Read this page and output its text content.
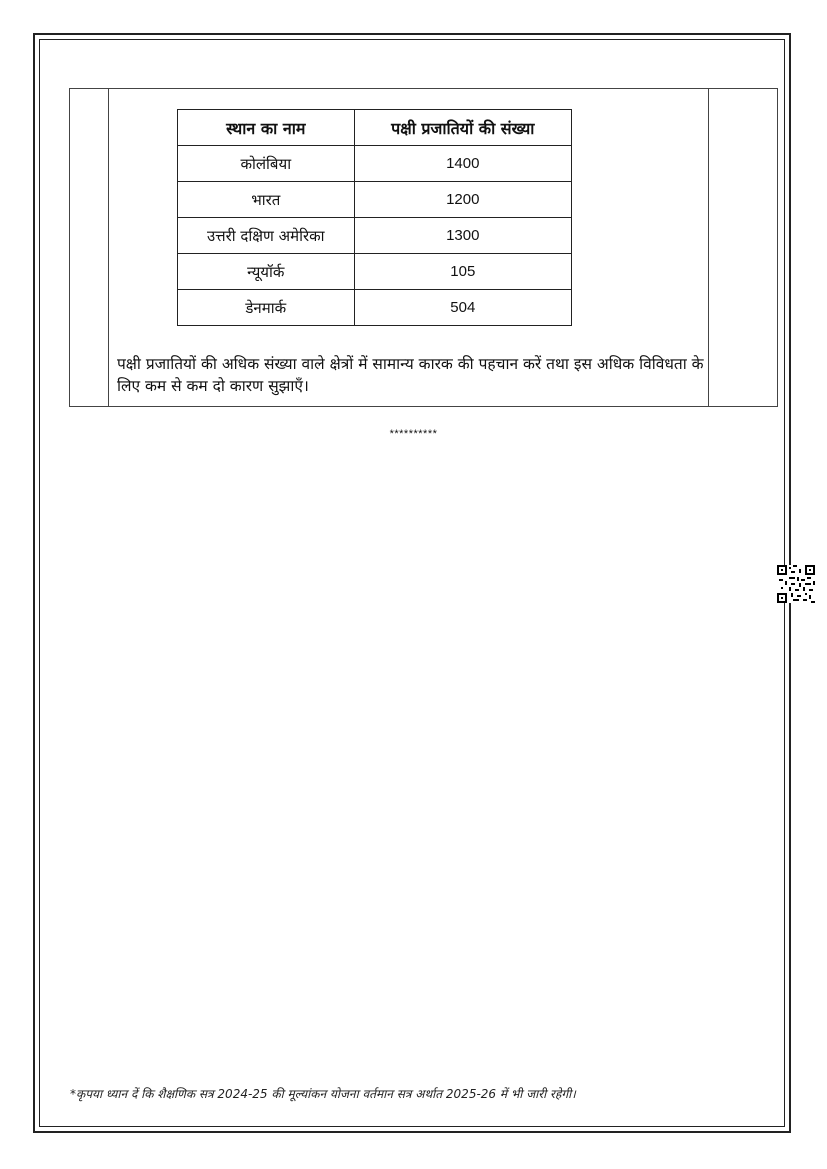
स्थान का नाम	पक्षी प्रजातियों की संख्या
कोलंबिया	1400
भारत	1200
उत्तरी दक्षिण अमेरिका	1300
न्यूयॉर्क	105
डेनमार्क	504
पक्षी प्रजातियों की अधिक संख्या वाले क्षेत्रों में सामान्य कारक की पहचान करें तथा इस अधिक विविधता के लिए कम से कम दो कारण सुझाएँ।
**********
*कृपया ध्यान दें कि शैक्षणिक सत्र 2024-25 की मूल्यांकन योजना वर्तमान सत्र अर्थात 2025-26 में भी जारी रहेगी।
